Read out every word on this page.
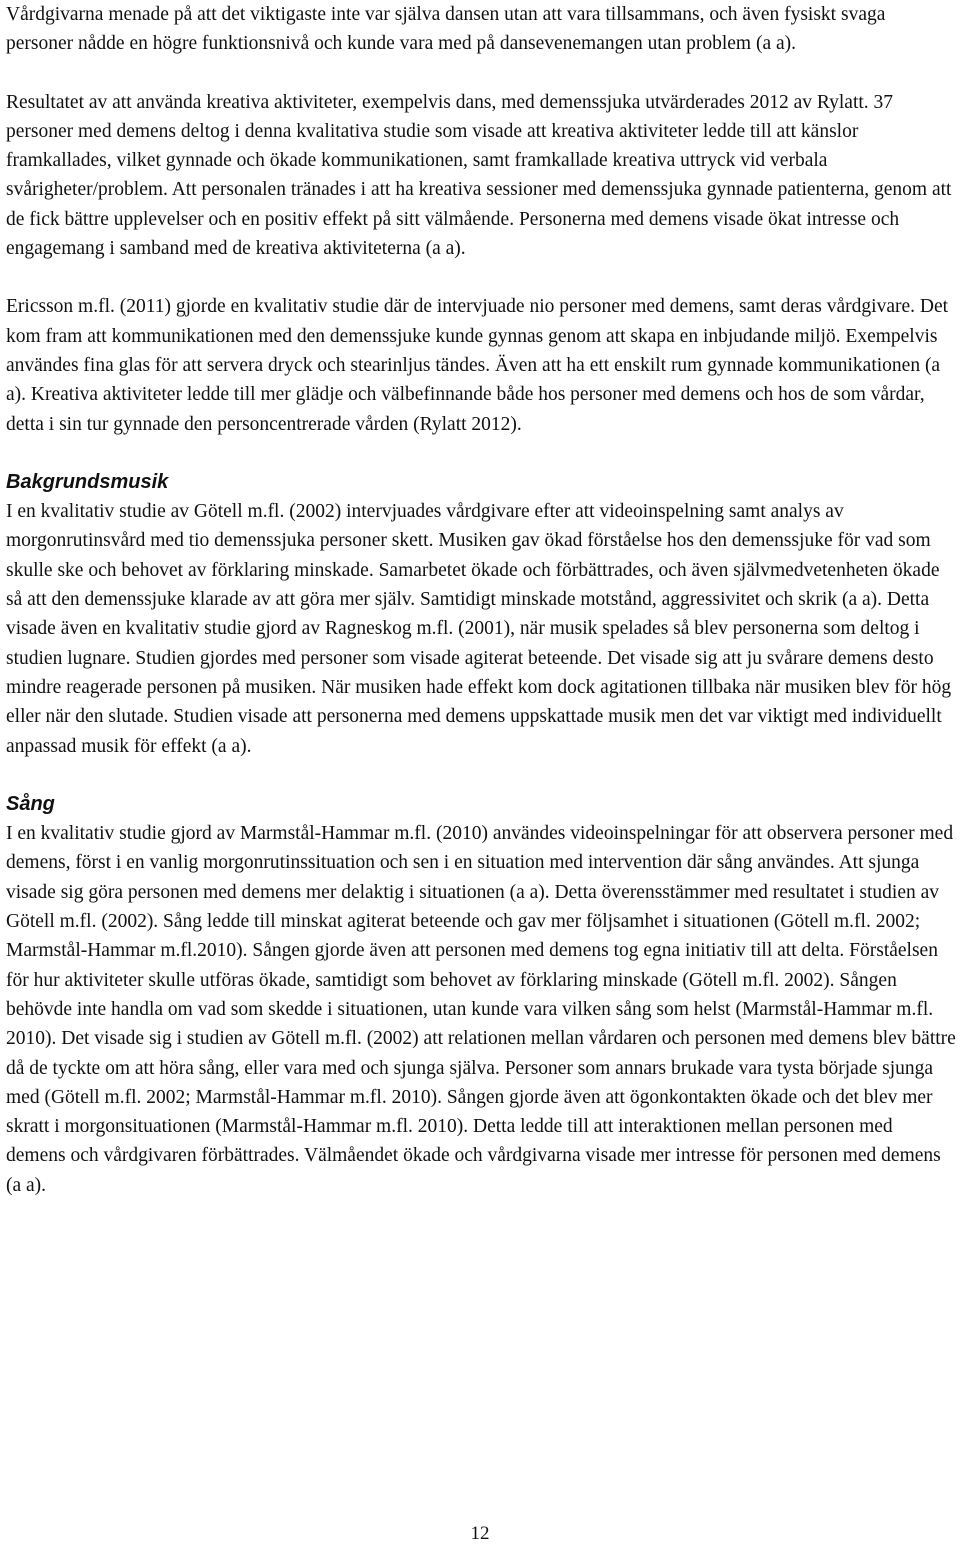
Vårdgivarna menade på att det viktigaste inte var själva dansen utan att vara tillsammans, och även fysiskt svaga personer nådde en högre funktionsnivå och kunde vara med på dansevenemangen utan problem (a a).

Resultatet av att använda kreativa aktiviteter, exempelvis dans, med demenssjuka utvärderades 2012 av Rylatt. 37 personer med demens deltog i denna kvalitativa studie som visade att kreativa aktiviteter ledde till att känslor framkallades, vilket gynnade och ökade kommunikationen, samt framkallade kreativa uttryck vid verbala svårigheter/problem. Att personalen tränades i att ha kreativa sessioner med demenssjuka gynnade patienterna, genom att de fick bättre upplevelser och en positiv effekt på sitt välmående. Personerna med demens visade ökat intresse och engagemang i samband med de kreativa aktiviteterna (a a).

Ericsson m.fl. (2011) gjorde en kvalitativ studie där de intervjuade nio personer med demens, samt deras vårdgivare. Det kom fram att kommunikationen med den demenssjuke kunde gynnas genom att skapa en inbjudande miljö. Exempelvis användes fina glas för att servera dryck och stearinljus tändes. Även att ha ett enskilt rum gynnade kommunikationen (a a). Kreativa aktiviteter ledde till mer glädje och välbefinnande både hos personer med demens och hos de som vårdar, detta i sin tur gynnade den personcentrerade vården (Rylatt 2012).

Bakgrundsmusik

I en kvalitativ studie av Götell m.fl. (2002) intervjuades vårdgivare efter att videoinspelning samt analys av morgonrutinsvård med tio demenssjuka personer skett. Musiken gav ökad förståelse hos den demenssjuke för vad som skulle ske och behovet av förklaring minskade. Samarbetet ökade och förbättrades, och även självmedvetenheten ökade så att den demenssjuke klarade av att göra mer själv. Samtidigt minskade motstånd, aggressivitet och skrik (a a). Detta visade även en kvalitativ studie gjord av Ragneskog m.fl. (2001), när musik spelades så blev personerna som deltog i studien lugnare. Studien gjordes med personer som visade agiterat beteende. Det visade sig att ju svårare demens desto mindre reagerade personen på musiken. När musiken hade effekt kom dock agitationen tillbaka när musiken blev för hög eller när den slutade. Studien visade att personerna med demens uppskattade musik men det var viktigt med individuellt anpassad musik för effekt (a a).

Sång

I en kvalitativ studie gjord av Marmstål-Hammar m.fl. (2010) användes videoinspelningar för att observera personer med demens, först i en vanlig morgonrutinssituation och sen i en situation med intervention där sång användes. Att sjunga visade sig göra personen med demens mer delaktig i situationen (a a). Detta överensstämmer med resultatet i studien av Götell m.fl. (2002). Sång ledde till minskat agiterat beteende och gav mer följsamhet i situationen (Götell m.fl. 2002; Marmstål-Hammar m.fl.2010). Sången gjorde även att personen med demens tog egna initiativ till att delta. Förståelsen för hur aktiviteter skulle utföras ökade, samtidigt som behovet av förklaring minskade (Götell m.fl. 2002). Sången behövde inte handla om vad som skedde i situationen, utan kunde vara vilken sång som helst (Marmstål-Hammar m.fl. 2010). Det visade sig i studien av Götell m.fl. (2002) att relationen mellan vårdaren och personen med demens blev bättre då de tyckte om att höra sång, eller vara med och sjunga själva. Personer som annars brukade vara tysta började sjunga med (Götell m.fl. 2002; Marmstål-Hammar m.fl. 2010). Sången gjorde även att ögonkontakten ökade och det blev mer skratt i morgonsituationen (Marmstål-Hammar m.fl. 2010). Detta ledde till att interaktionen mellan personen med demens och vårdgivaren förbättrades. Välmåendet ökade och vårdgivarna visade mer intresse för personen med demens (a a).

12
